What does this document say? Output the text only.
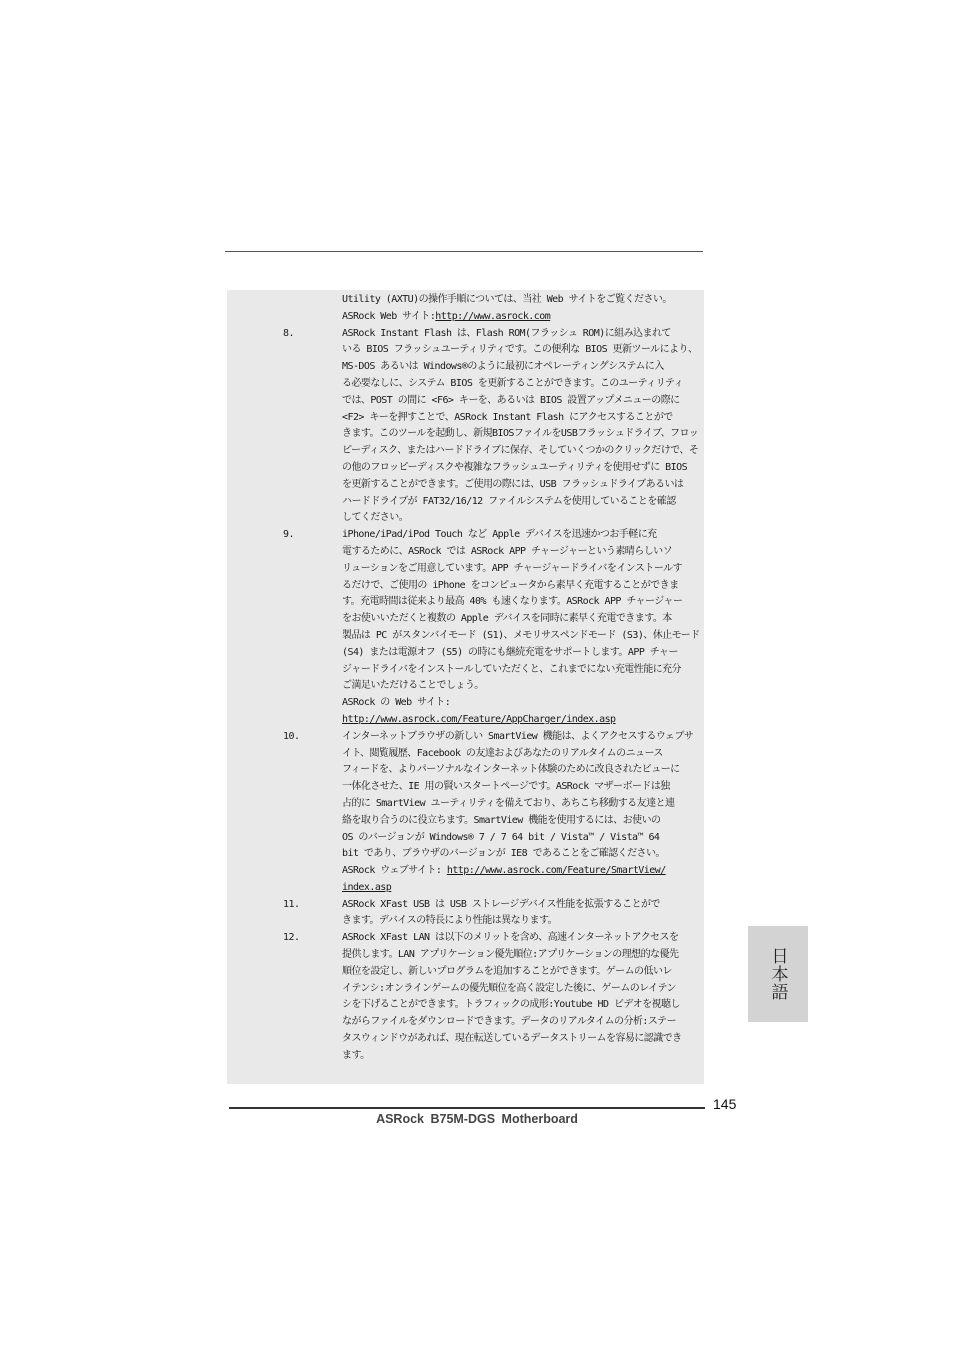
Utility (AXTU)の操作手順については、当社 Web サイトをご覧ください。
ASRock Web サイト:http://www.asrock.com
8.	ASRock Instant Flash は、Flash ROM(フラッシュ ROM)に組み込まれて
いる BIOS フラッシュユーティリティです。この便利な BIOS 更新ツールにより、
MS-DOS あるいは Windows®のように最初にオペレーティングシステムに入
る必要なしに、システム BIOS を更新することができます。このユーティリティ
では、POST の間に <F6> キーを、あるいは BIOS 設置アップメニューの際に
<F2> キーを押すことで、ASRock Instant Flash にアクセスすることがで
きます。このツールを起動し、新規BIOSファイルをUSBフラッシュドライブ、フロッ
ピーディスク、またはハードドライブに保存、そしていくつかのクリックだけで、そ
の他のフロッピーディスクや複雑なフラッシュユーティリティを使用せずに BIOS
を更新することができます。ご使用の際には、USB フラッシュドライブあるいは
ハードドライブが FAT32/16/12 ファイルシステムを使用していることを確認
してください。
9.	iPhone/iPad/iPod Touch など Apple デバイスを迅速かつお手軽に充
電するために、ASRock では ASRock APP チャージャーという素晴らしいソ
リューションをご用意しています。APP チャージャードライバをインストールす
るだけで、ご使用の iPhone をコンピュータから素早く充電することができま
す。充電時間は従来より最高 40% も速くなります。ASRock APP チャージャー
をお使いいただくと複数の Apple デバイスを同時に素早く充電できます。本
製品は PC がスタンバイモード (S1)、メモリサスペンドモード (S3)、休止モード
(S4) または電源オフ (S5) の時にも継続充電をサポートします。APP チャー
ジャードライバをインストールしていただくと、これまでにない充電性能に充分
ご満足いただけることでしょう。
ASRock の Web サイト:
http://www.asrock.com/Feature/AppCharger/index.asp
10.	インターネットブラウザの新しい SmartView 機能は、よくアクセスするウェブサ
イト、閲覧履歴、Facebook の友達およびあなたのリアルタイムのニュース
フィードを、よりパーソナルなインターネット体験のために改良されたビューに
一体化させた、IE 用の賢いスタートページです。ASRock マザーボードは独
占的に SmartView ユーティリティを備えており、あちこち移動する友達と連
絡を取り合うのに役立ちます。SmartView 機能を使用するには、お使いの
OS のバージョンが Windows® 7 / 7 64 bit / Vista™ / Vista™ 64
bit であり、ブラウザのバージョンが IE8 であることをご確認ください。
ASRock ウェブサイト: http://www.asrock.com/Feature/SmartView/
index.asp
11.	ASRock XFast USB は USB ストレージデバイス性能を拡張することがで
きます。デバイスの特長により性能は異なります。
12.	ASRock XFast LAN は以下のメリットを含め、高速インターネットアクセスを
提供します。LAN アプリケーション優先順位:アプリケーションの理想的な優先
順位を設定し、新しいプログラムを追加することができます。ゲームの低いレ
イテンシ:オンラインゲームの優先順位を高く設定した後に、ゲームのレイテン
シを下げることができます。トラフィックの成形:Youtube HD ビデオを視聴し
ながらファイルをダウンロードできます。データのリアルタイムの分析:ステー
タスウィンドウがあれば、現在転送しているデータストリームを容易に認識でき
ます。
日本語
145
ASRock B75M-DGS Motherboard
